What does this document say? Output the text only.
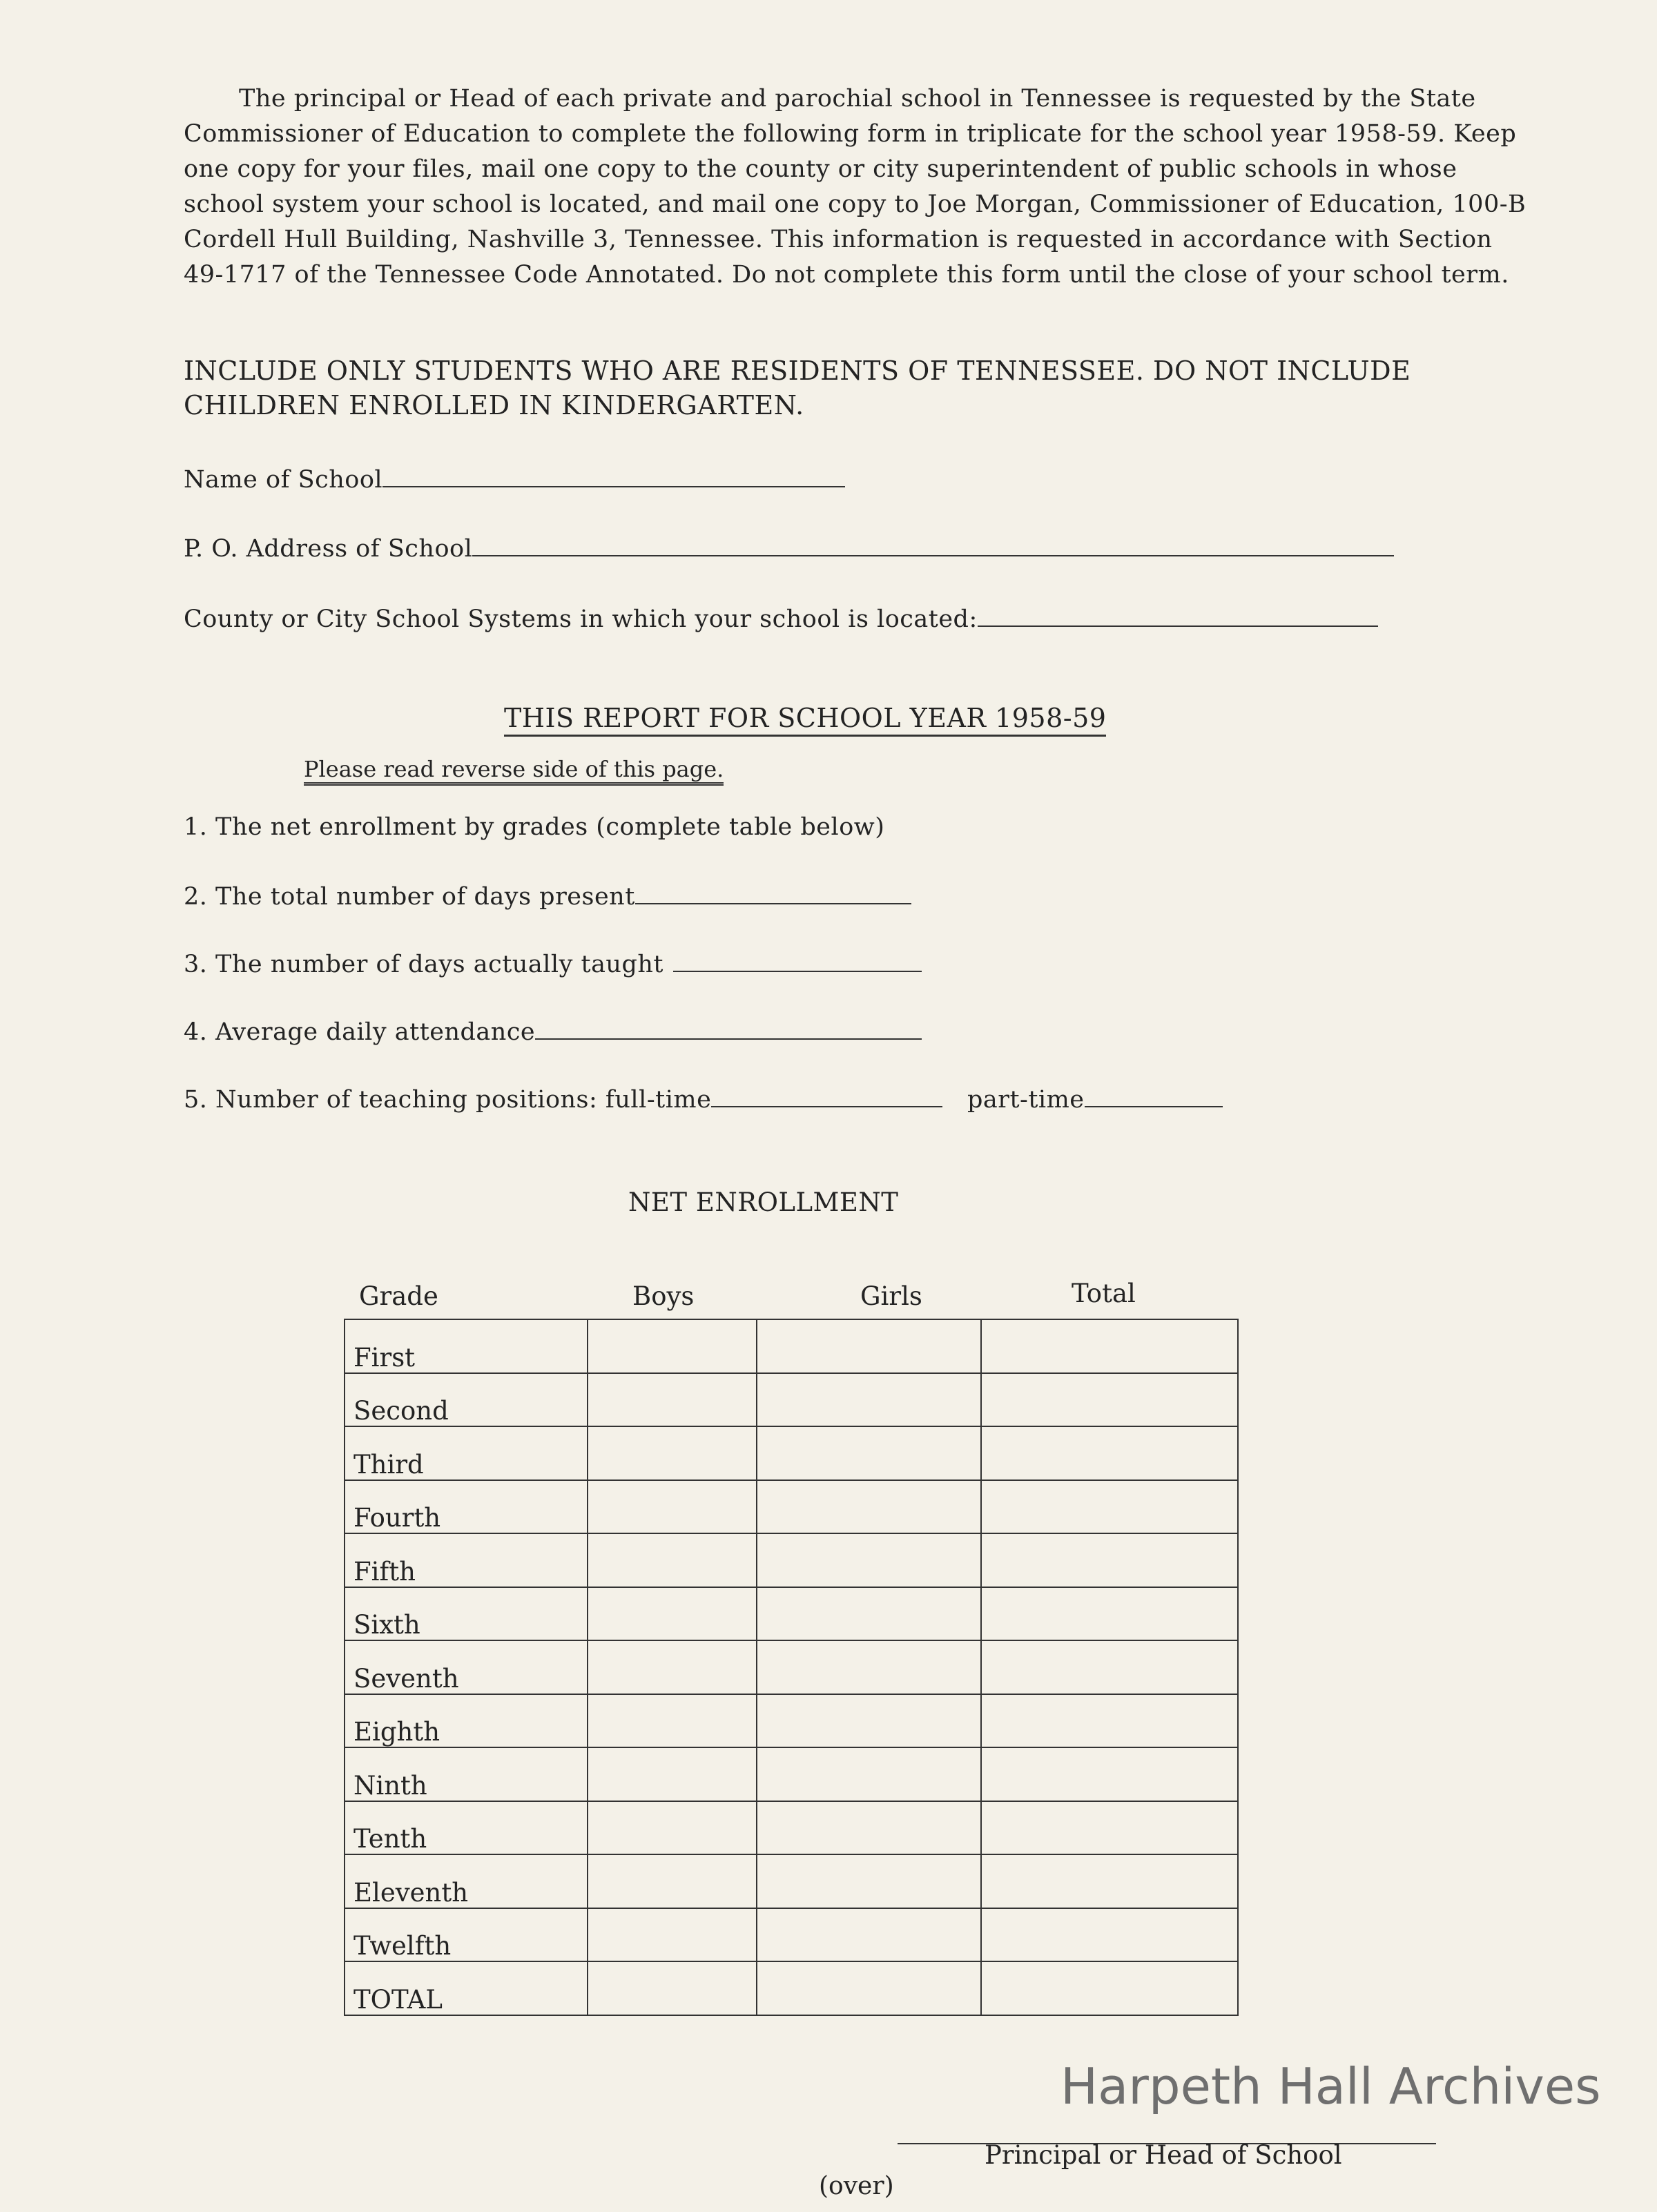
The principal or Head of each private and parochial school in Tennessee is requested by the State Commissioner of Education to complete the following form in triplicate for the school year 1958-59. Keep one copy for your files, mail one copy to the county or city superintendent of public schools in whose school system your school is located, and mail one copy to Joe Morgan, Commissioner of Education, 100-B Cordell Hull Building, Nashville 3, Tennessee. This information is requested in accordance with Section 49-1717 of the Tennessee Code Annotated. Do not complete this form until the close of your school term.

INCLUDE ONLY STUDENTS WHO ARE RESIDENTS OF TENNESSEE. DO NOT INCLUDE CHILDREN ENROLLED IN KINDERGARTEN.

Name of School
P. O. Address of School
County or City School Systems in which your school is located:
THIS REPORT FOR SCHOOL YEAR 1958-59
Please read reverse side of this page.
1. The net enrollment by grades (complete table below)
2. The total number of days present
3. The number of days actually taught
4. Average daily attendance
5. Number of teaching positions: full-time	part-time
NET ENROLLMENT
Grade	Boys	Girls	Total
First			
Second			
Third			
Fourth			
Fifth			
Sixth			
Seventh			
Eighth			
Ninth			
Tenth			
Eleventh			
Twelfth			
TOTAL			
Harpeth Hall Archives
Principal or Head of School
(over)
